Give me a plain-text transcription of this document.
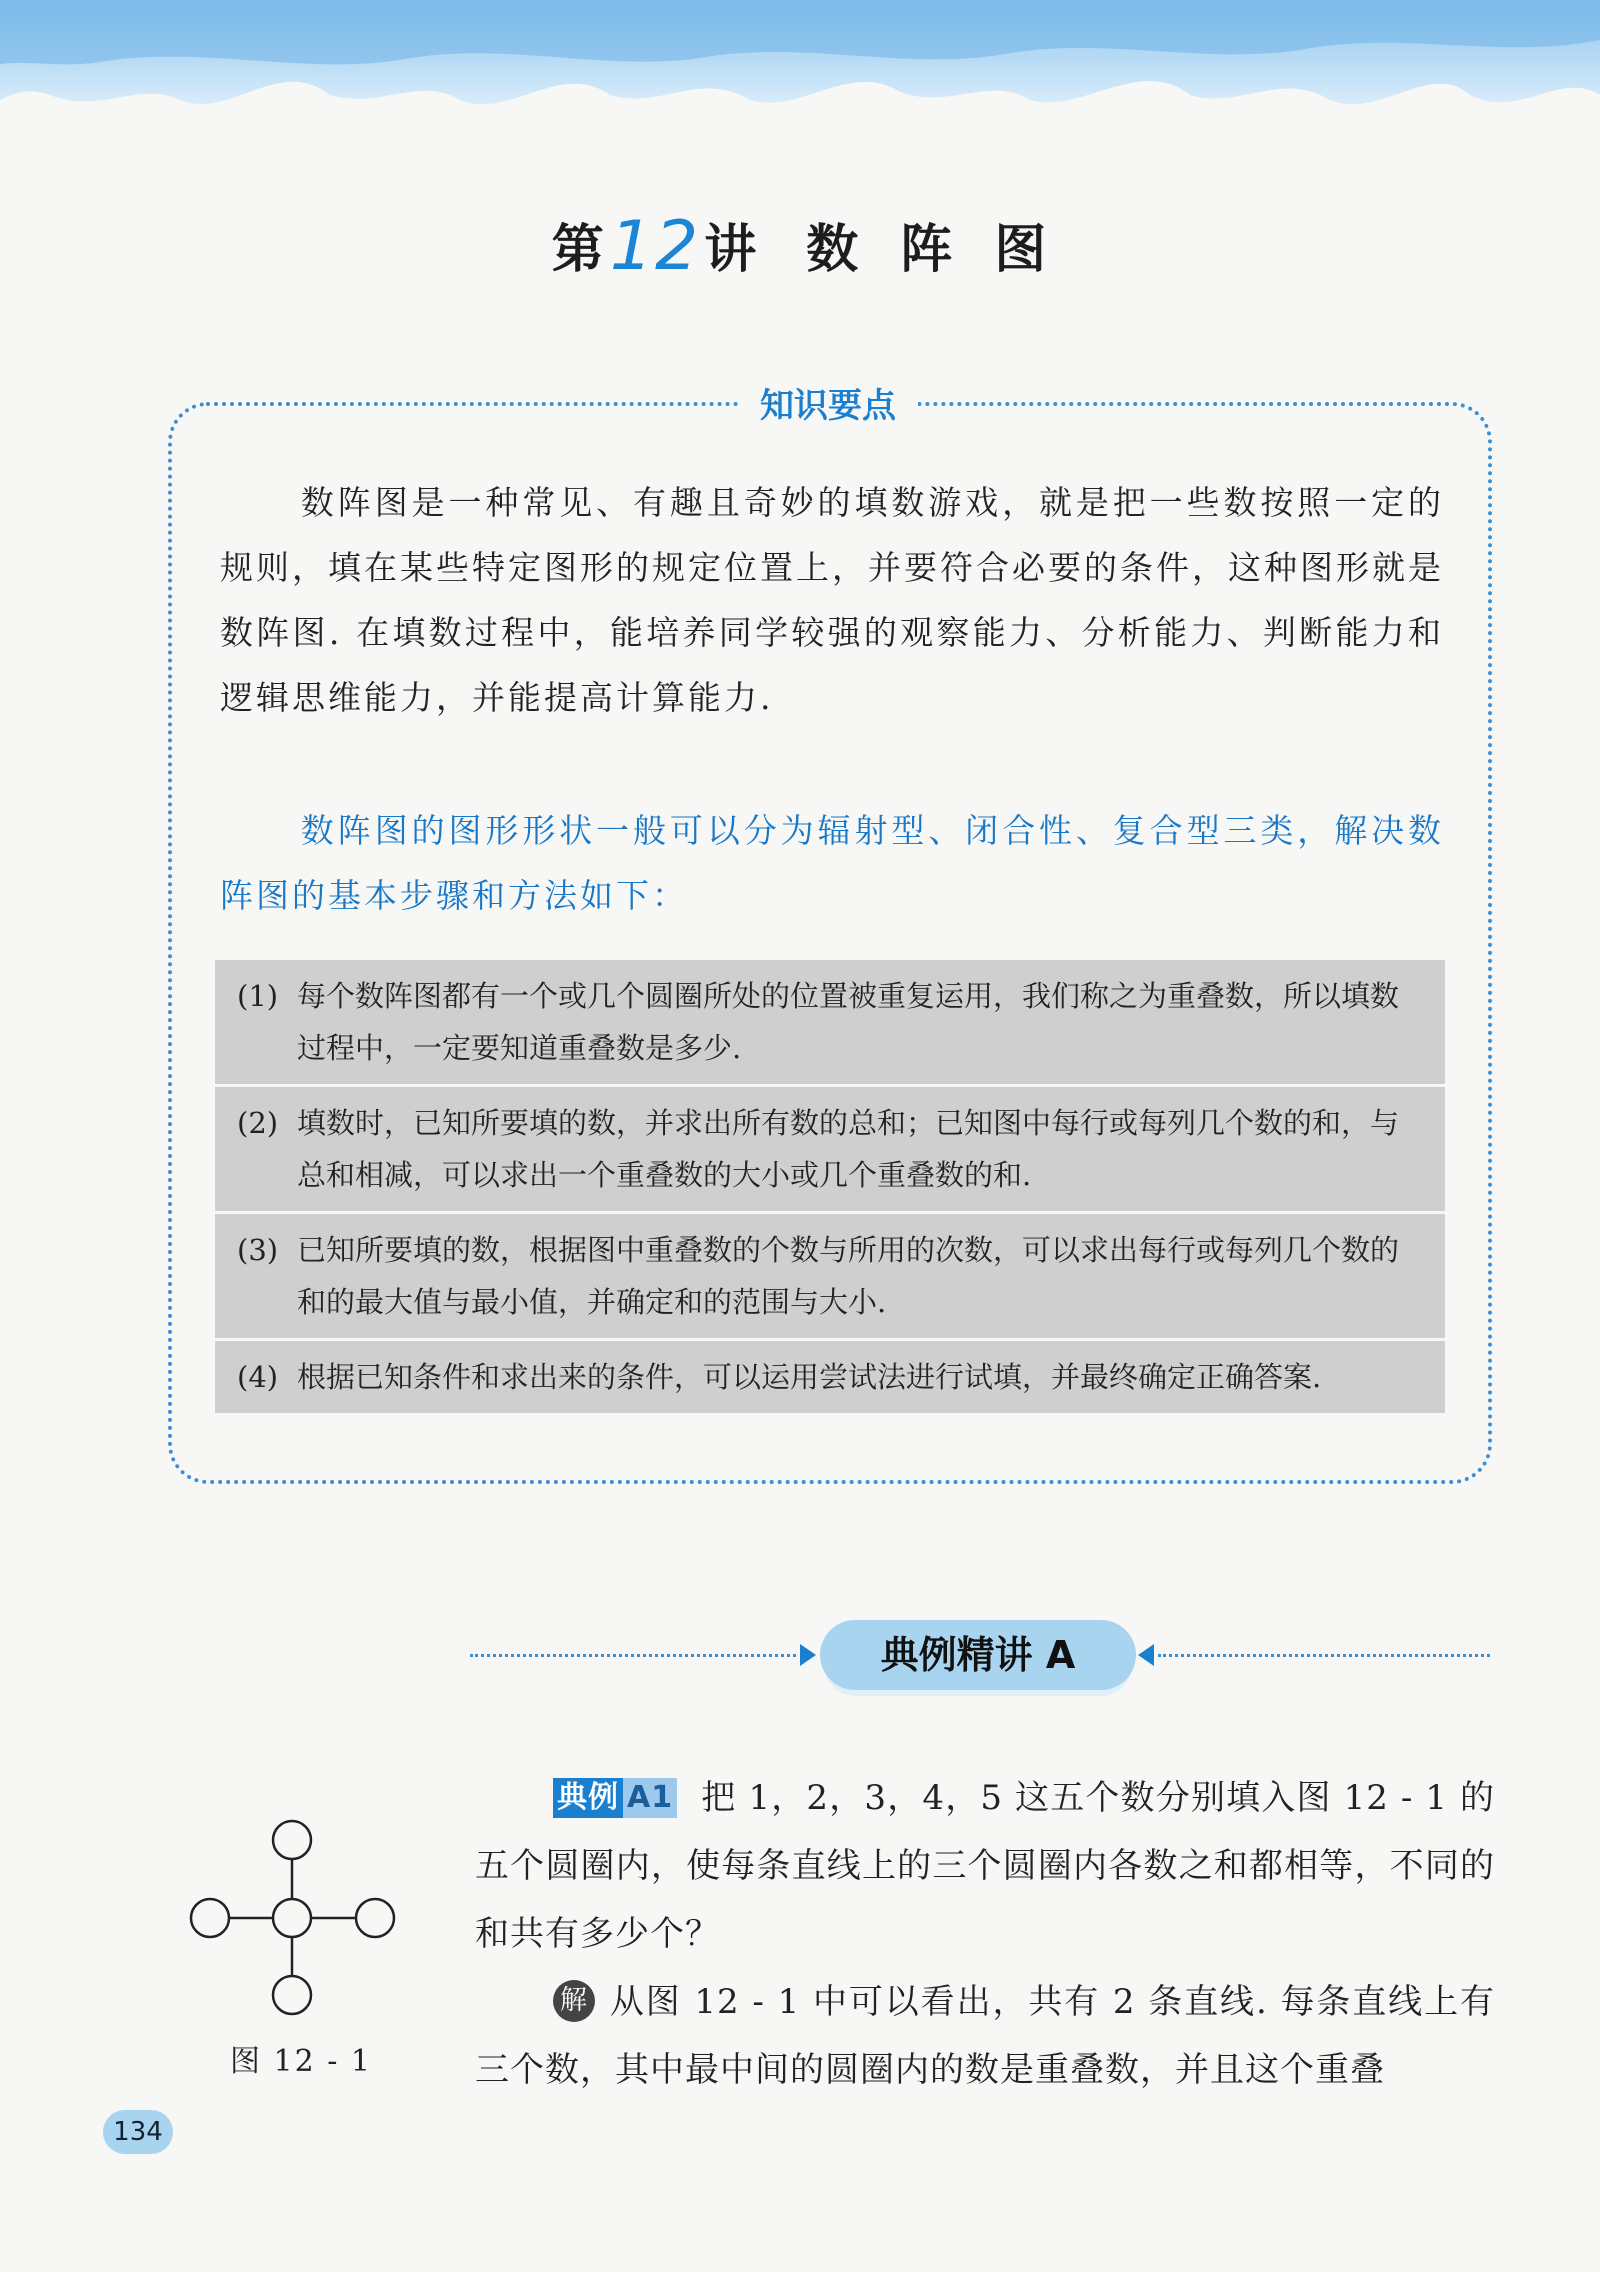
第12讲 数 阵 图
知识要点
数阵图是一种常见、有趣且奇妙的填数游戏，就是把一些数按照一定的规则，填在某些特定图形的规定位置上，并要符合必要的条件，这种图形就是数阵图. 在填数过程中，能培养同学较强的观察能力、分析能力、判断能力和逻辑思维能力，并能提高计算能力.
数阵图的图形形状一般可以分为辐射型、闭合性、复合型三类，解决数阵图的基本步骤和方法如下：
(1) 每个数阵图都有一个或几个圆圈所处的位置被重复运用，我们称之为重叠数，所以填数过程中，一定要知道重叠数是多少.
(2) 填数时，已知所要填的数，并求出所有数的总和；已知图中每行或每列几个数的和，与总和相减，可以求出一个重叠数的大小或几个重叠数的和.
(3) 已知所要填的数，根据图中重叠数的个数与所用的次数，可以求出每行或每列几个数的和的最大值与最小值，并确定和的范围与大小.
(4) 根据已知条件和求出来的条件，可以运用尝试法进行试填，并最终确定正确答案.
典例精讲 A
典例 A1 把 1，2，3，4，5 这五个数分别填入图 12 - 1 的五个圆圈内，使每条直线上的三个圆圈内各数之和都相等，不同的和共有多少个？
解 从图 12 - 1 中可以看出，共有 2 条直线. 每条直线上有三个数，其中最中间的圆圈内的数是重叠数，并且这个重叠
图 12 - 1
134
